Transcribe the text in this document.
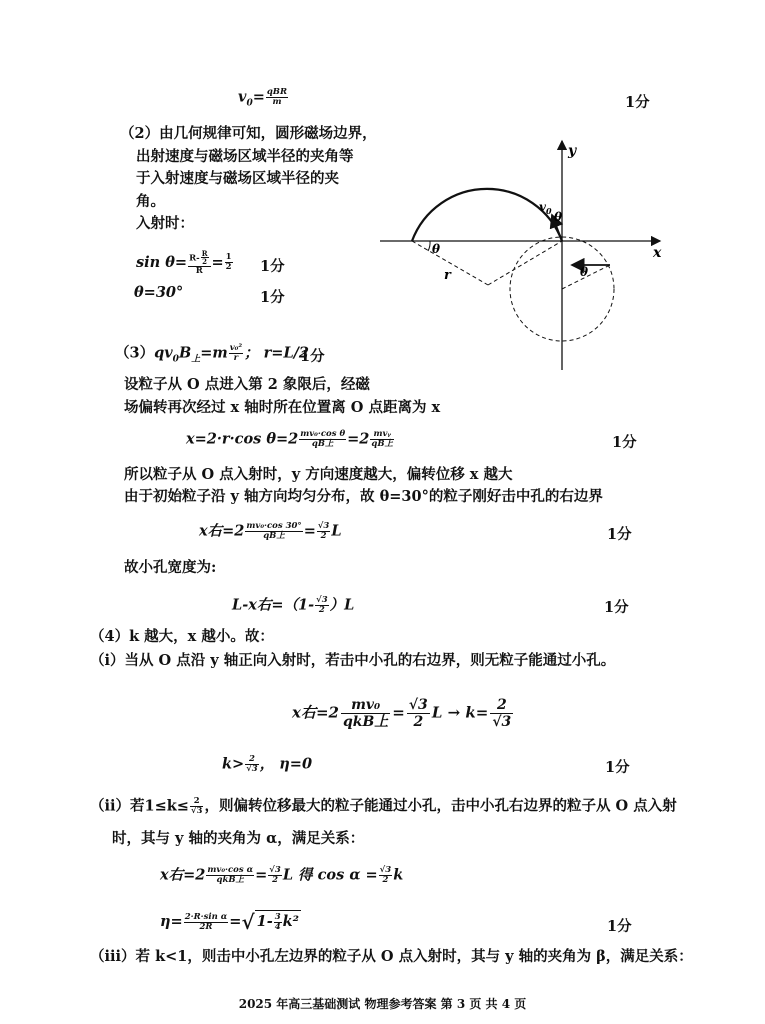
$v_0= \frac{\text{qBR}}{m}$	1分
（2）由几何规律可知，圆形磁场边界，
出射速度与磁场区域半径的夹角等
于入射速度与磁场区域半径的夹
角。
入射时：
$\sin \theta= \frac{R- \frac{R}{2}}{R} = \frac{1}{2} 1$分
θ=30°	1分
y
x
$v_0$ θ
θ
θ
r
$(3)qv_0B_上=m \frac{\text{v₀²}}{r}$ ； r=L/2
1分
设粒子从 O 点进入第 2 象限后，经磁
场偏转再次经过 x 轴时所在位置离 O 点距离为 x
x=2·r·cos $\theta=2 \frac{\text{mv₀·cos θ}}{\text{qB上}} =2 \frac{\text{mvᵧ}}{\text{qB上}}$	1分
所以粒子从 O 点入射时，y 方向速度越大，偏转位移 x 越大
由于初始粒子沿 y 轴方向均匀分布，故 θ=30°的粒子刚好击中孔的右边界
x右$=2 \frac{\text{mv₀·cos 30°}}{\text{qB上}} = \frac{√3}{2}$ L	1分
故小孔宽度为:
L-x右$=(1- \frac{√3}{2} )L$	1分
（4）k 越大，x 越小。故：
（i）当从 O 点沿 y 轴正向入射时，若击中小孔的右边界，则无粒子能通过小孔。
x右=2 mv₀
qkB上
= $\frac{√3}{2}$ $L \to k= \frac{2}{√3}$
$k> \frac{2}{√3}$ ， η=0	1分
（ii）若$1\le k\le \frac{2}{√3}$ ，则偏转位移最大的粒子能通过小孔，击中小孔右边界的粒子从 O 点入射
时，其与 y 轴的夹角为 α，满足关系：
x右$=2 \frac{\text{mv₀·cos α}}{\text{qkB上}} = \frac{√3}{2}$ L 得 $\cos \alpha = \frac{√3}{2}$ k
$\eta= \frac{\text{2·R·sin α}}{2R}$ =√ $1- \frac{3}{4} k^2$	1分
（iii）若 k<1，则击中小孔左边界的粒子从 O 点入射时，其与 y 轴的夹角为 β，满足关系：
2025 年高三基础测试 物理参考答案 第 3 页 共 4 页
